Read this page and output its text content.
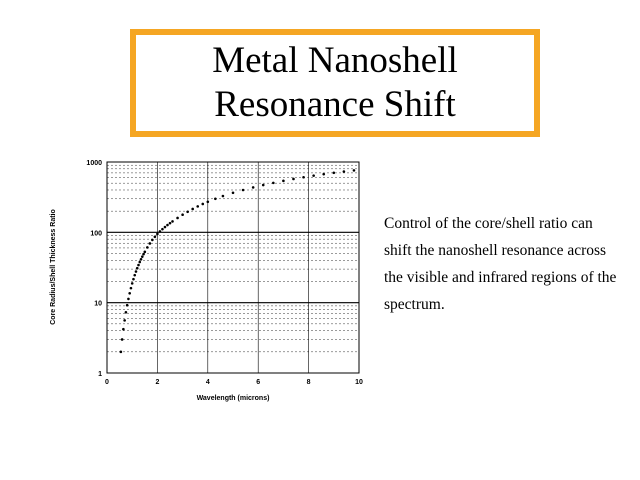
Metal Nanoshell
Resonance Shift
0	2	4	6	8	10
1
10
100
1000
Wavelength (microns)
Core Radius/Shell Thickness Ratio	Control of the core/shell ratio can shift the nanoshell resonance across the visible and infrared regions of the spectrum.
